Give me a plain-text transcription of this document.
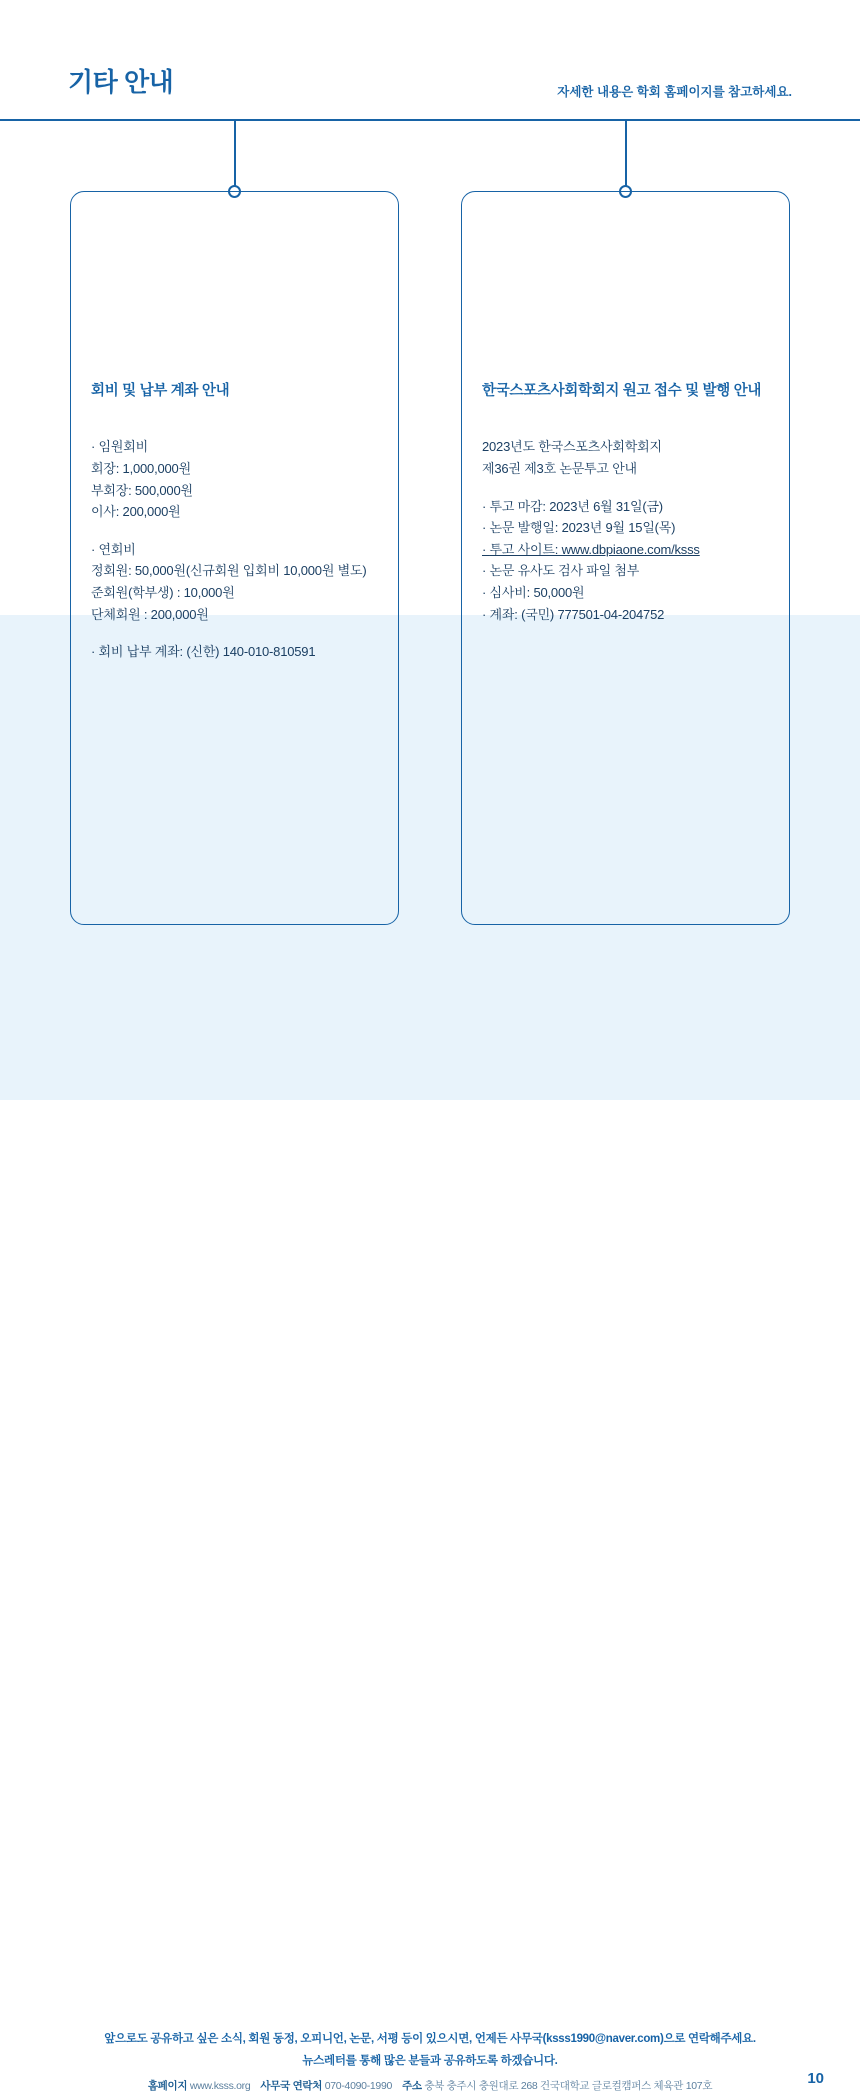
기타 안내	자세한 내용은 학회 홈페이지를 참고하세요.
회비 및 납부 계좌 안내
· 임원회비
회장: 1,000,000원
부회장: 500,000원
이사: 200,000원
· 연회비
정회원: 50,000원(신규회원 입회비 10,000원 별도)
준회원(학부생) : 10,000원
단체회원 : 200,000원
· 회비 납부 계좌: (신한) 140-010-810591
한국스포츠사회학회지 원고 접수 및 발행 안내
2023년도 한국스포츠사회학회지
제36권 제3호 논문투고 안내
· 투고 마감: 2023년 6월 31일(금)
· 논문 발행일: 2023년 9월 15일(목)
· 투고 사이트: www.dbpiaone.com/ksss
· 논문 유사도 검사 파일 첨부
· 심사비: 50,000원
· 계좌: (국민) 777501-04-204752
앞으로도 공유하고 싶은 소식, 회원 동정, 오피니언, 논문, 서평 등이 있으시면, 언제든 사무국(ksss1990@naver.com)으로 연락해주세요.
뉴스레터를 통해 많은 분들과 공유하도록 하겠습니다.
홈페이지 www.ksss.org 사무국 연락처 070-4090-1990 주소 충북 충주시 충원대로 268 건국대학교 글로컬캠퍼스 체육관 107호	10
